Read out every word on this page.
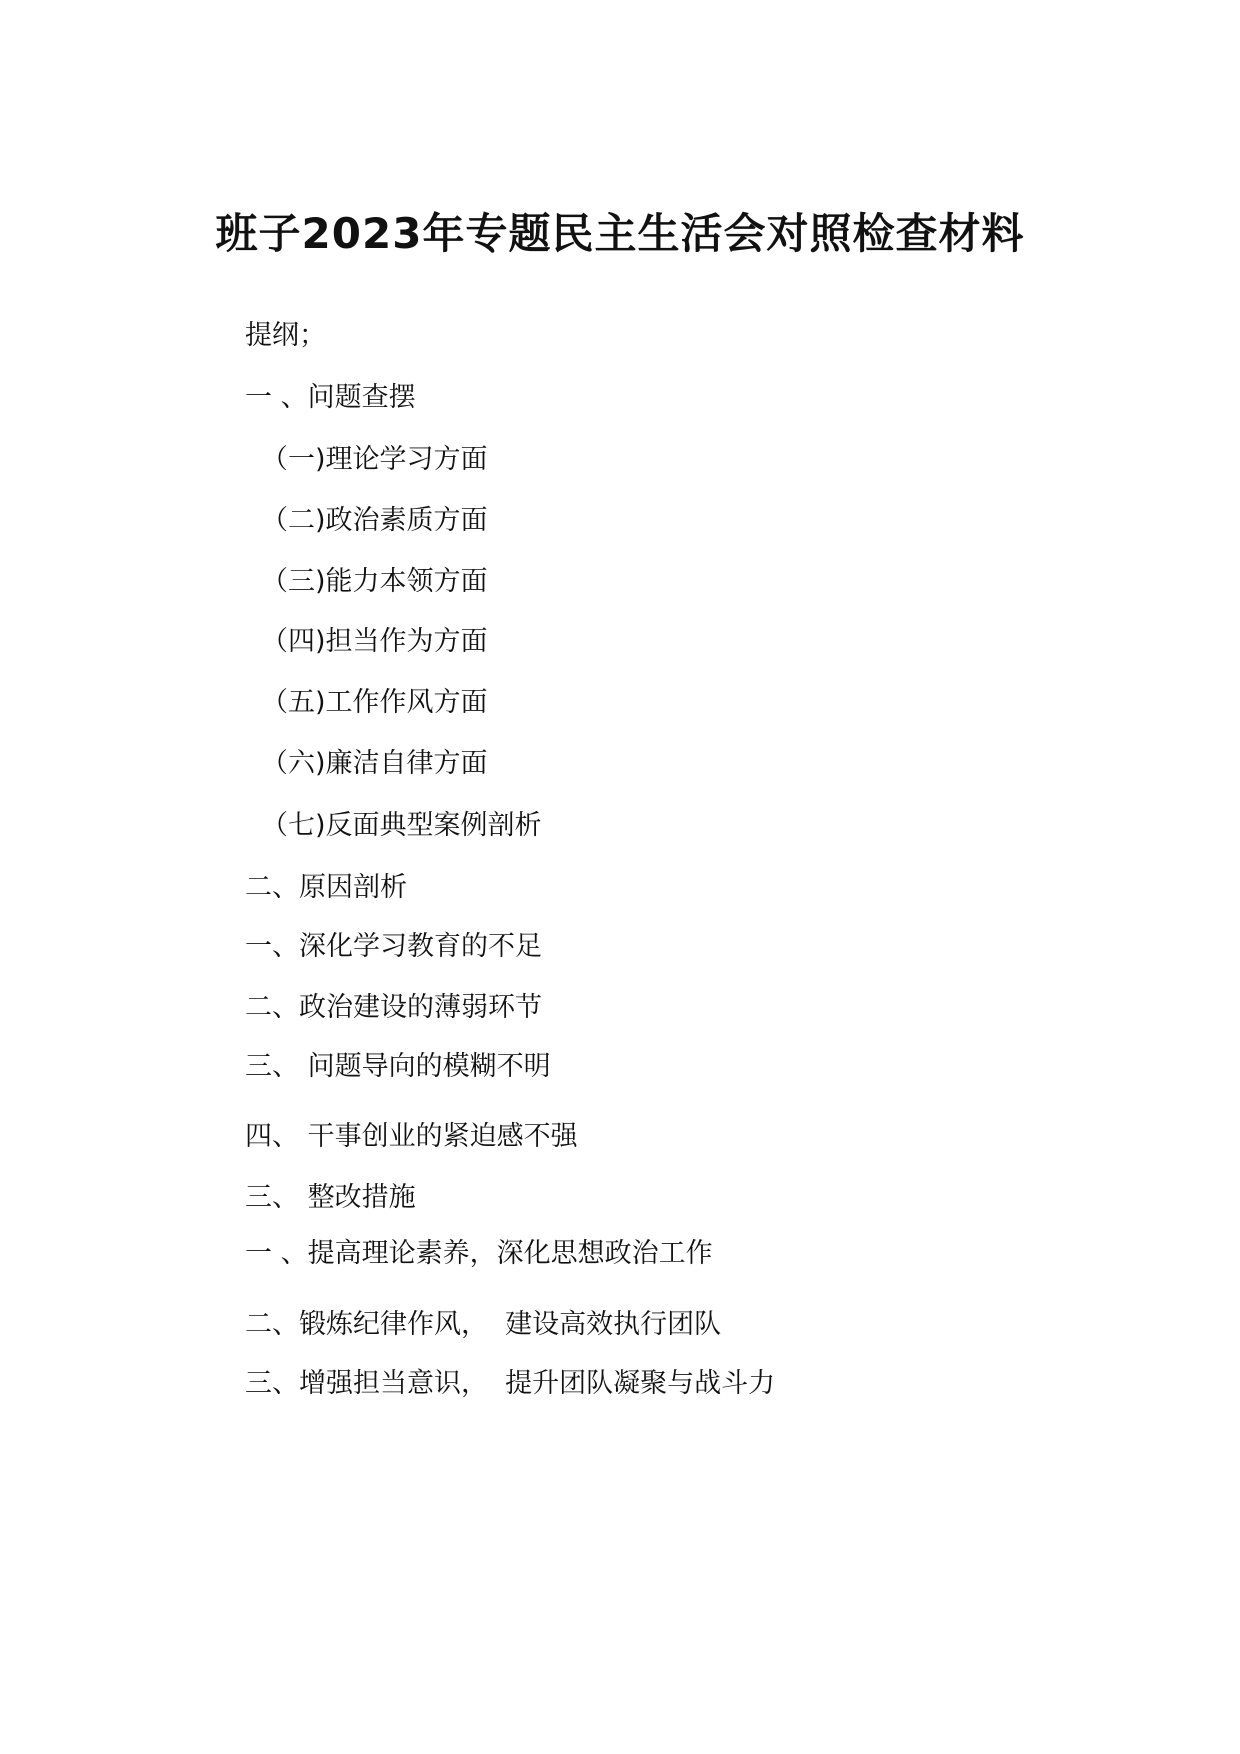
班子2023年专题民主生活会对照检查材料
提纲；
一 、问题查摆
（一)理论学习方面
（二)政治素质方面
（三)能力本领方面
（四)担当作为方面
（五)工作作风方面
（六)廉洁自律方面
（七)反面典型案例剖析
二、原因剖析
一、深化学习教育的不足
二、政治建设的薄弱环节
三、 问题导向的模糊不明
四、 干事创业的紧迫感不强
三、 整改措施
一 、提高理论素养，深化思想政治工作
二、锻炼纪律作风，  建设高效执行团队
三、增强担当意识，  提升团队凝聚与战斗力
